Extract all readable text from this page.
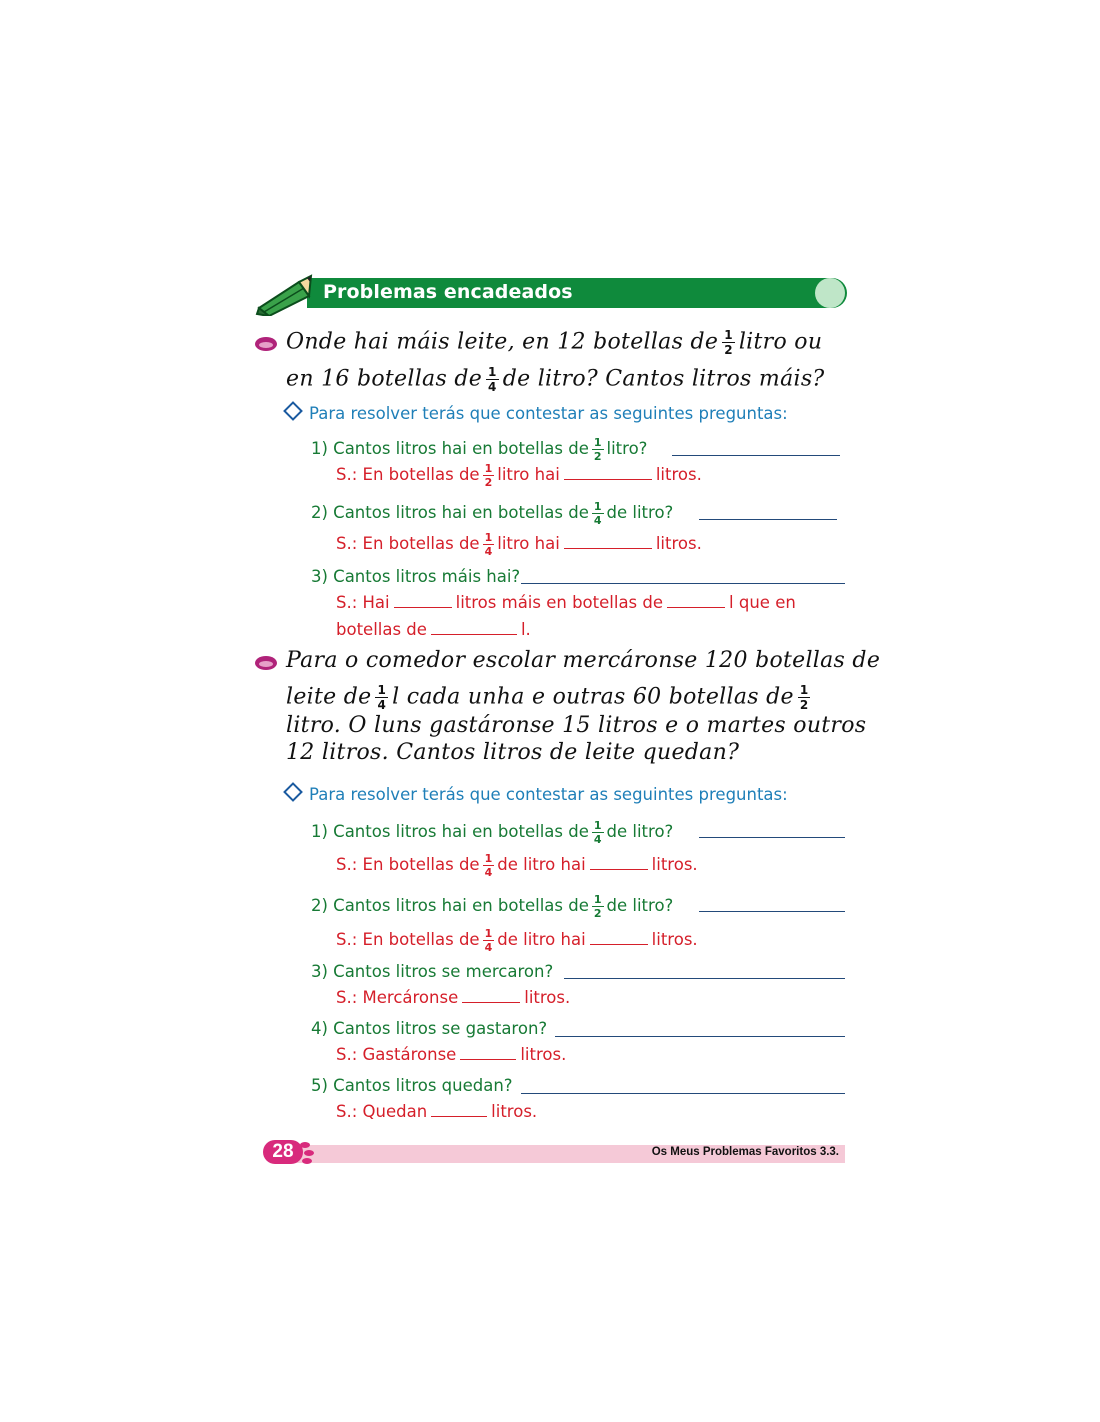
Problemas encadeados
Onde hai máis leite, en 12 botellas de $\frac{1}{2}$ litro ou
en 16 botellas de $\frac{1}{4}$ de litro? Cantos litros máis?
Para resolver terás que contestar as seguintes preguntas:
1) Cantos litros hai en botellas de $\frac{1}{2}$ litro?
S.: En botellas de $\frac{1}{2}$ litro hai	litros.
2) Cantos litros hai en botellas de $\frac{1}{4}$ de litro?
S.: En botellas de $\frac{1}{4}$ litro hai	litros.
3) Cantos litros máis hai?
S.: Hai	litros máis en botellas de	l que en
botellas de	l.
Para o comedor escolar mercáronse 120 botellas de
leite de $\frac{1}{4}$ l cada unha e outras 60 botellas de $\frac{1}{2}$
litro. O luns gastáronse 15 litros e o martes outros
12 litros. Cantos litros de leite quedan?
Para resolver terás que contestar as seguintes preguntas:
1) Cantos litros hai en botellas de $\frac{1}{4}$ de litro?
S.: En botellas de $\frac{1}{4}$ de litro hai	litros.
2) Cantos litros hai en botellas de $\frac{1}{2}$ de litro?
S.: En botellas de $\frac{1}{4}$ de litro hai	litros.
3) Cantos litros se mercaron?
S.: Mercáronse	litros.
4) Cantos litros se gastaron?
S.: Gastáronse	litros.
5) Cantos litros quedan?
S.: Quedan	litros.
28	Os Meus Problemas Favoritos 3.3.
